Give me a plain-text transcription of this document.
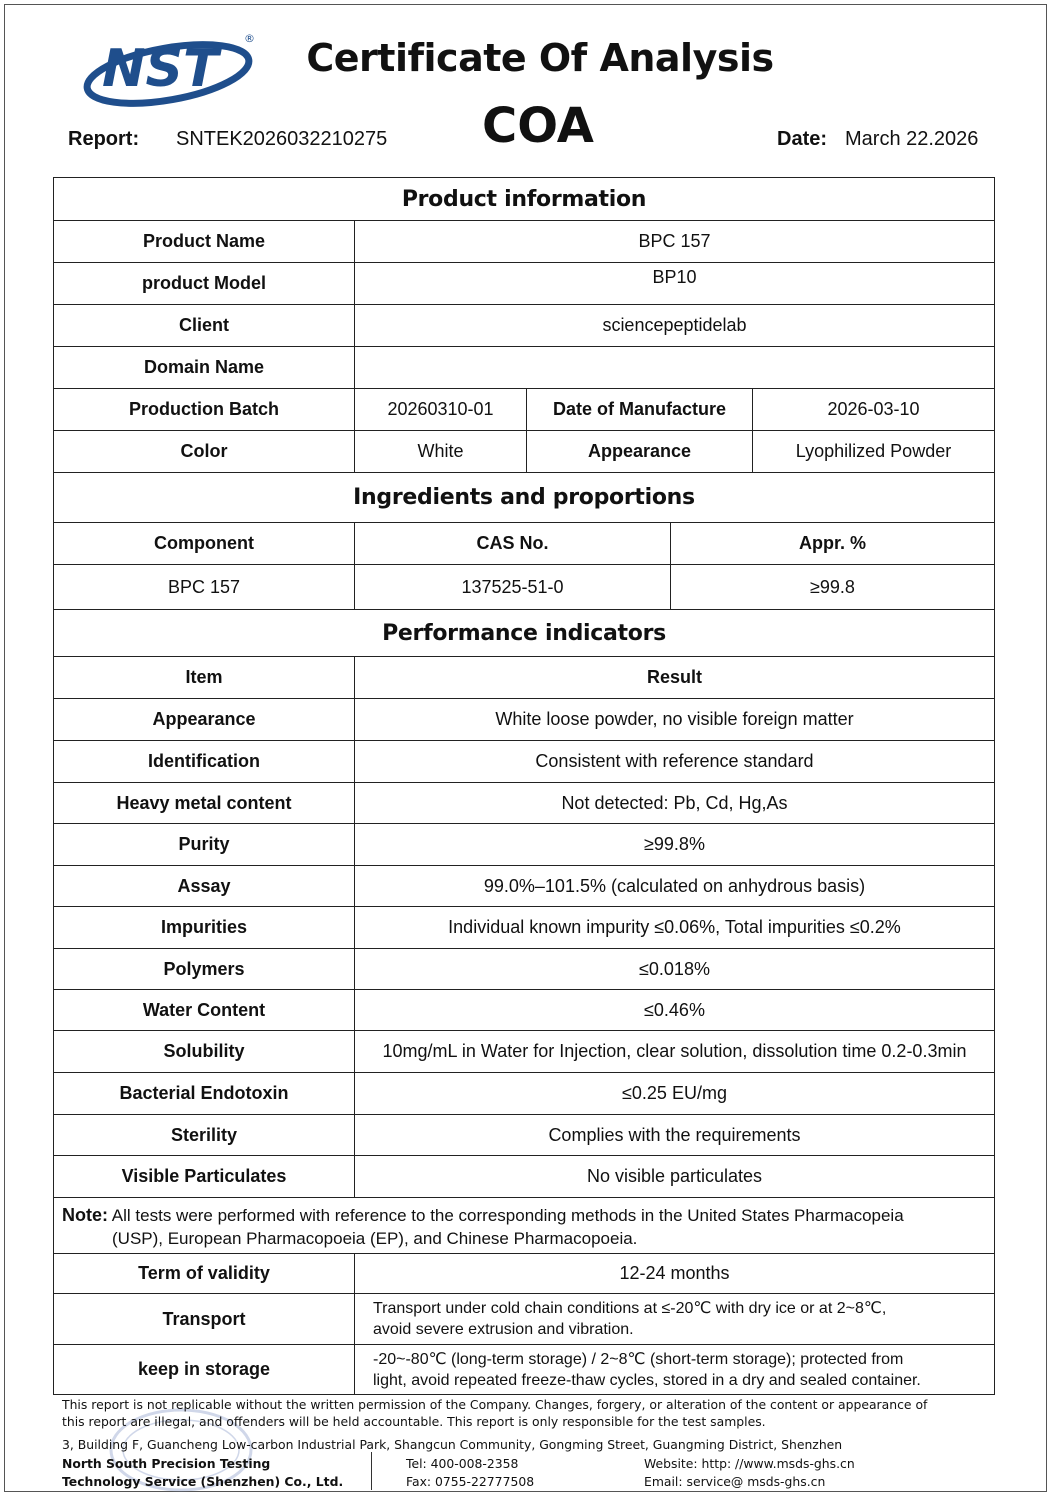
NST
® Certificate Of Analysis
COA
Report: SNTEK2026032210275	Date: March 22.2026
Product information
Product Name	BPC 157
product Model	BP10
Client	sciencepeptidelab
Domain Name
Production Batch	20260310-01	Date of Manufacture	2026-03-10
Color	White	Appearance	Lyophilized Powder
Ingredients and proportions
Component	CAS No.	Appr. %
BPC 157	137525-51-0	≥99.8
Performance indicators
Item	Result
Appearance	White loose powder, no visible foreign matter
Identification	Consistent with reference standard
Heavy metal content	Not detected: Pb, Cd, Hg,As
Purity	≥99.8%
Assay	99.0%–101.5% (calculated on anhydrous basis)
Impurities	Individual known impurity ≤0.06%, Total impurities ≤0.2%
Polymers	≤0.018%
Water Content	≤0.46%
Solubility	10mg/mL in Water for Injection, clear solution, dissolution time 0.2-0.3min
Bacterial Endotoxin	≤0.25 EU/mg
Sterility	Complies with the requirements
Visible Particulates	No visible particulates
Note: All tests were performed with reference to the corresponding methods in the United States Pharmacopeia
(USP), European Pharmacopoeia (EP), and Chinese Pharmacopoeia.
Term of validity	12-24 months
Transport	Transport under cold chain conditions at ≤-20℃ with dry ice or at 2~8℃,
avoid severe extrusion and vibration.
keep in storage	-20~-80℃ (long-term storage) / 2~8℃ (short-term storage); protected from
light, avoid repeated freeze-thaw cycles, stored in a dry and sealed container.
This report is not replicable without the written permission of the Company. Changes, forgery, or alteration of the content or appearance of
this report are illegal, and offenders will be held accountable. This report is only responsible for the test samples.
3, Building F, Guancheng Low-carbon Industrial Park, Shangcun Community, Gongming Street, Guangming District, Shenzhen
North South Precision Testing
Technology Service (Shenzhen) Co., Ltd.
Tel: 400-008-2358
Fax: 0755-22777508
Website: http: //www.msds-ghs.cn
Email: service@ msds-ghs.cn
